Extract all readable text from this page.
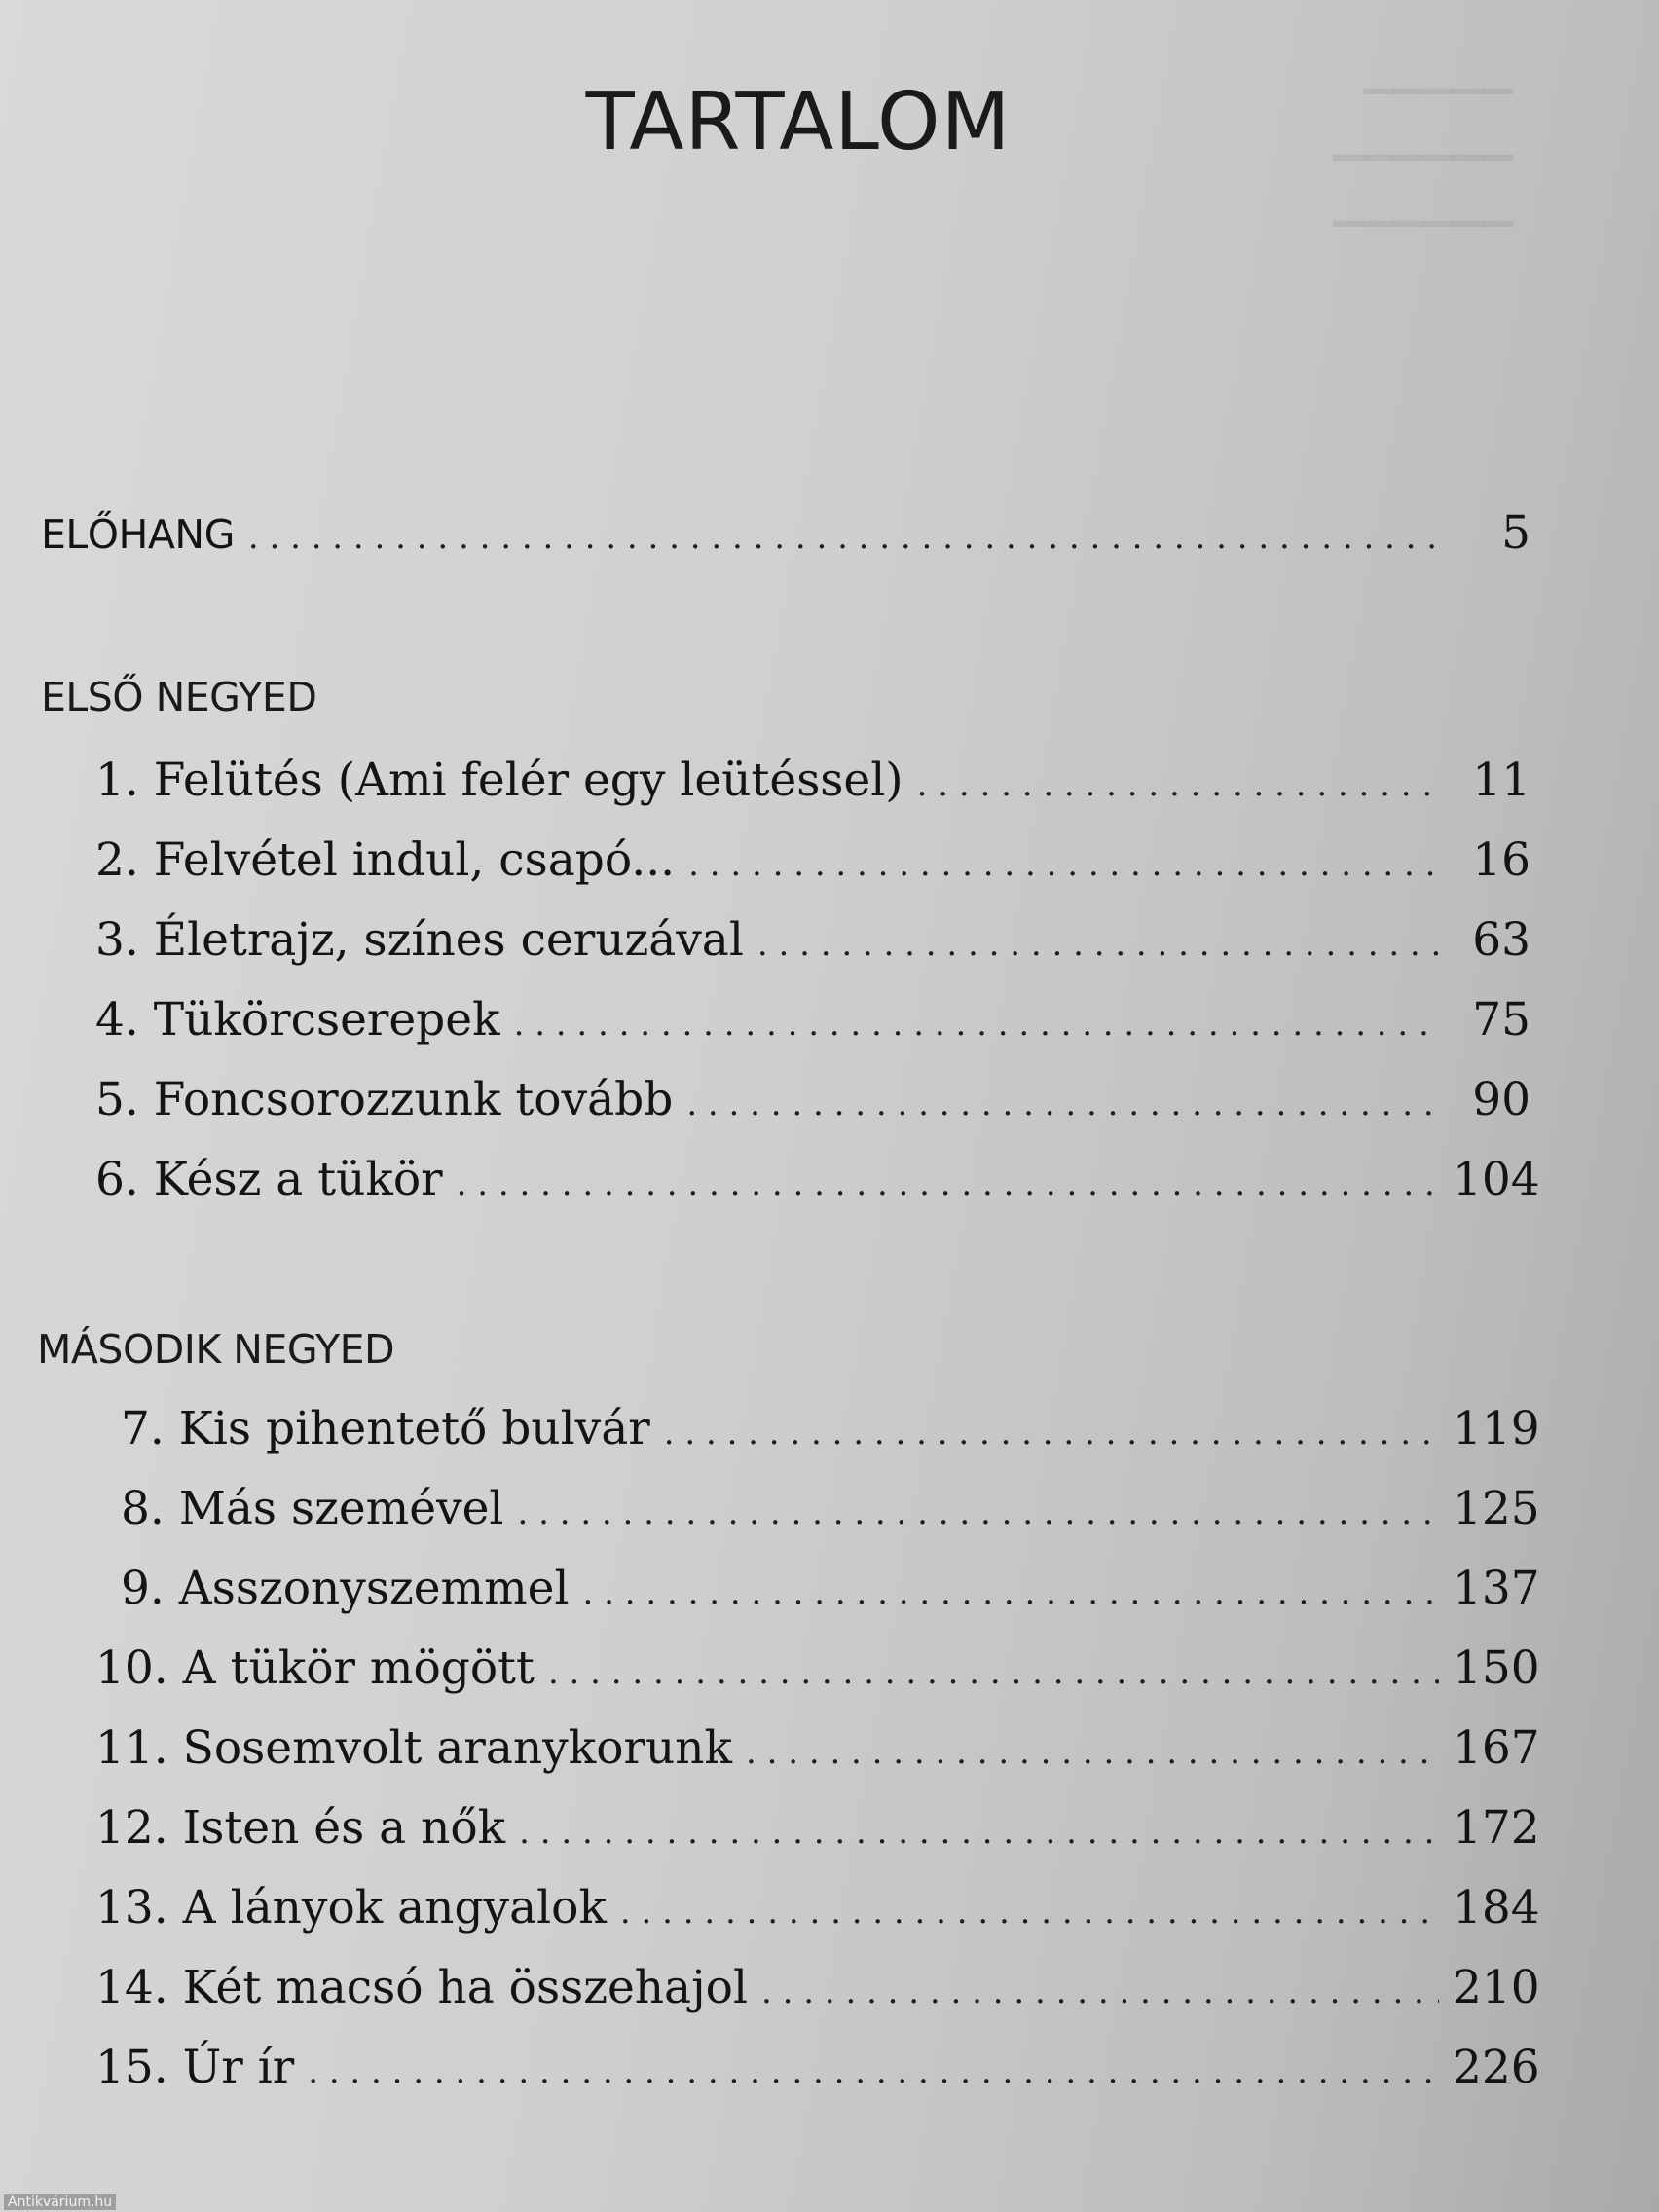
▁▁▁▁▁
▁▁▁▁▁▁
▁▁▁▁▁▁
TARTALOM
ELŐHANG . . .	5
ELSŐ NEGYED
1. Felütés (Ami felér egy leütéssel) . . .	11
2. Felvétel indul, csapó... . . .	16
3. Életrajz, színes ceruzával . . .	63
4. Tükörcserepek . . .	75
5. Foncsorozzunk tovább . . .	90
6. Kész a tükör . . .	104
MÁSODIK NEGYED
7. Kis pihentető bulvár . . .	119
8. Más szemével . . .	125
9. Asszonyszemmel . . .	137
10. A tükör mögött . . .	150
11. Sosemvolt aranykorunk . . .	167
12. Isten és a nők . . .	172
13. A lányok angyalok . . .	184
14. Két macsó ha összehajol . . .	210
15. Úr ír . . .	226
Antikvárium.hu
